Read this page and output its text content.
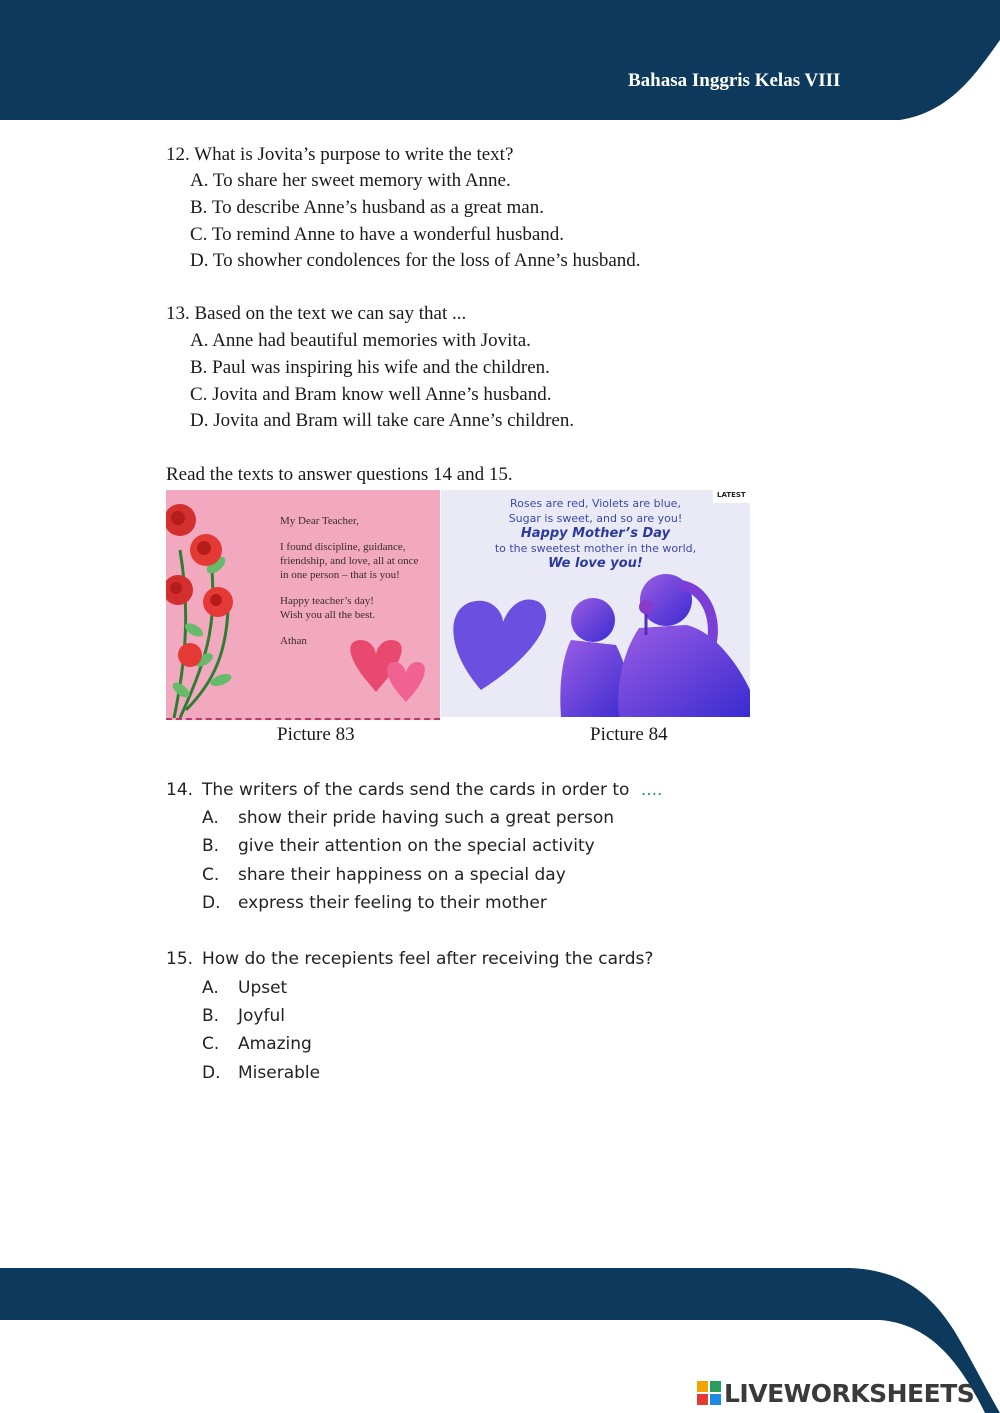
Bahasa Inggris Kelas VIII
12. What is Jovita’s purpose to write the text?
A. To share her sweet memory with Anne.
B. To describe Anne’s husband as a great man.
C. To remind Anne to have a wonderful husband.
D. To showher condolences for the loss of Anne’s husband.
13. Based on the text we can say that ...
A. Anne had beautiful memories with Jovita.
B. Paul was inspiring his wife and the children.
C. Jovita and Bram know well Anne’s husband.
D. Jovita and Bram will take care Anne’s children.
Read the texts to answer questions 14 and 15.
My Dear Teacher,
I found discipline, guidance,
friendship, and love, all at once
in one person – that is you!
Happy teacher’s day!
Wish you all the best.
Athan
LATEST
Roses are red, Violets are blue,
Sugar is sweet, and so are you!
Happy Mother’s Day
to the sweetest mother in the world,
We love you!
Picture 83	Picture 84
14. The writers of the cards send the cards in order to ....
A. show their pride having such a great person
B. give their attention on the special activity
C. share their happiness on a special day
D. express their feeling to their mother
15. How do the recepients feel after receiving the cards?
A. Upset
B. Joyful
C. Amazing
D. Miserable
LIVEWORKSHEETS
